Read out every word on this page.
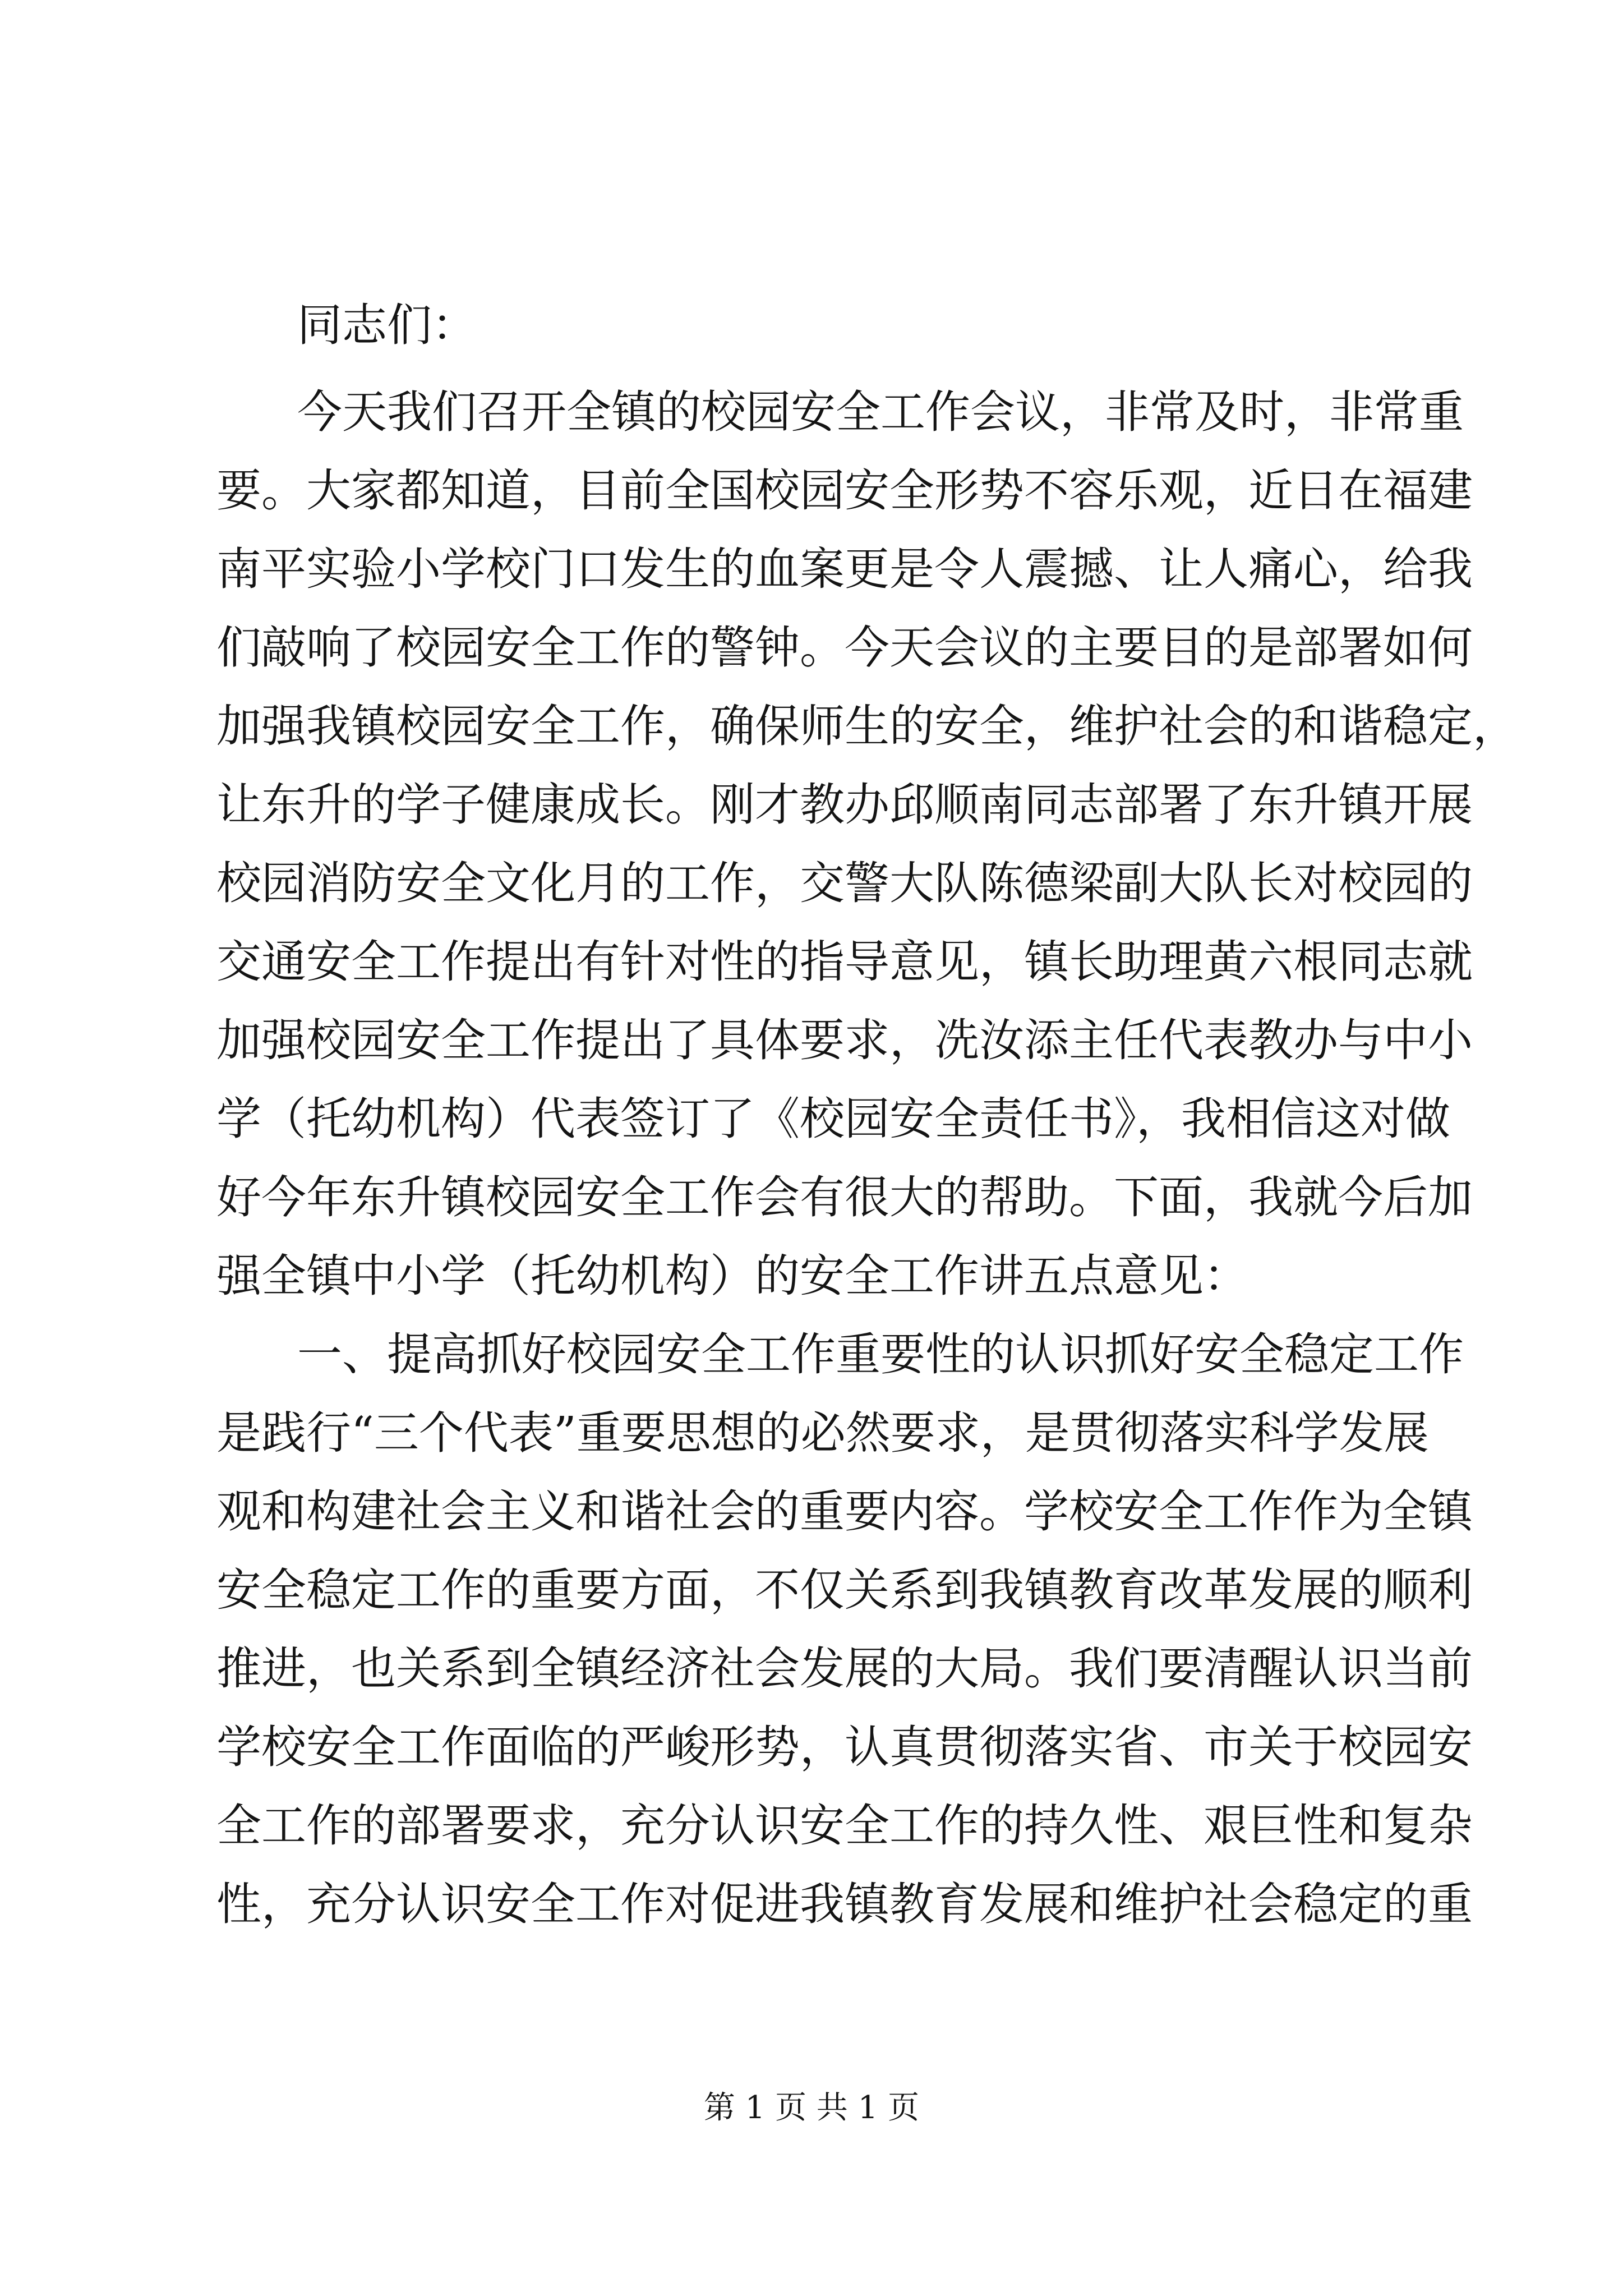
同志们：
今天我们召开全镇的校园安全工作会议，非常及时，非常重
要。大家都知道，目前全国校园安全形势不容乐观，近日在福建
南平实验小学校门口发生的血案更是令人震撼、让人痛心，给我
们敲响了校园安全工作的警钟。今天会议的主要目的是部署如何
加强我镇校园安全工作，确保师生的安全，维护社会的和谐稳定，
让东升的学子健康成长。刚才教办邱顺南同志部署了东升镇开展
校园消防安全文化月的工作，交警大队陈德梁副大队长对校园的
交通安全工作提出有针对性的指导意见，镇长助理黄六根同志就
加强校园安全工作提出了具体要求，冼汝添主任代表教办与中小
学（托幼机构）代表签订了《校园安全责任书》，我相信这对做
好今年东升镇校园安全工作会有很大的帮助。下面，我就今后加
强全镇中小学（托幼机构）的安全工作讲五点意见：
一、提高抓好校园安全工作重要性的认识抓好安全稳定工作
是践行“三个代表”重要思想的必然要求，是贯彻落实科学发展
观和构建社会主义和谐社会的重要内容。学校安全工作作为全镇
安全稳定工作的重要方面，不仅关系到我镇教育改革发展的顺利
推进，也关系到全镇经济社会发展的大局。我们要清醒认识当前
学校安全工作面临的严峻形势，认真贯彻落实省、市关于校园安
全工作的部署要求，充分认识安全工作的持久性、艰巨性和复杂
性，充分认识安全工作对促进我镇教育发展和维护社会稳定的重
第 1 页 共 1 页
